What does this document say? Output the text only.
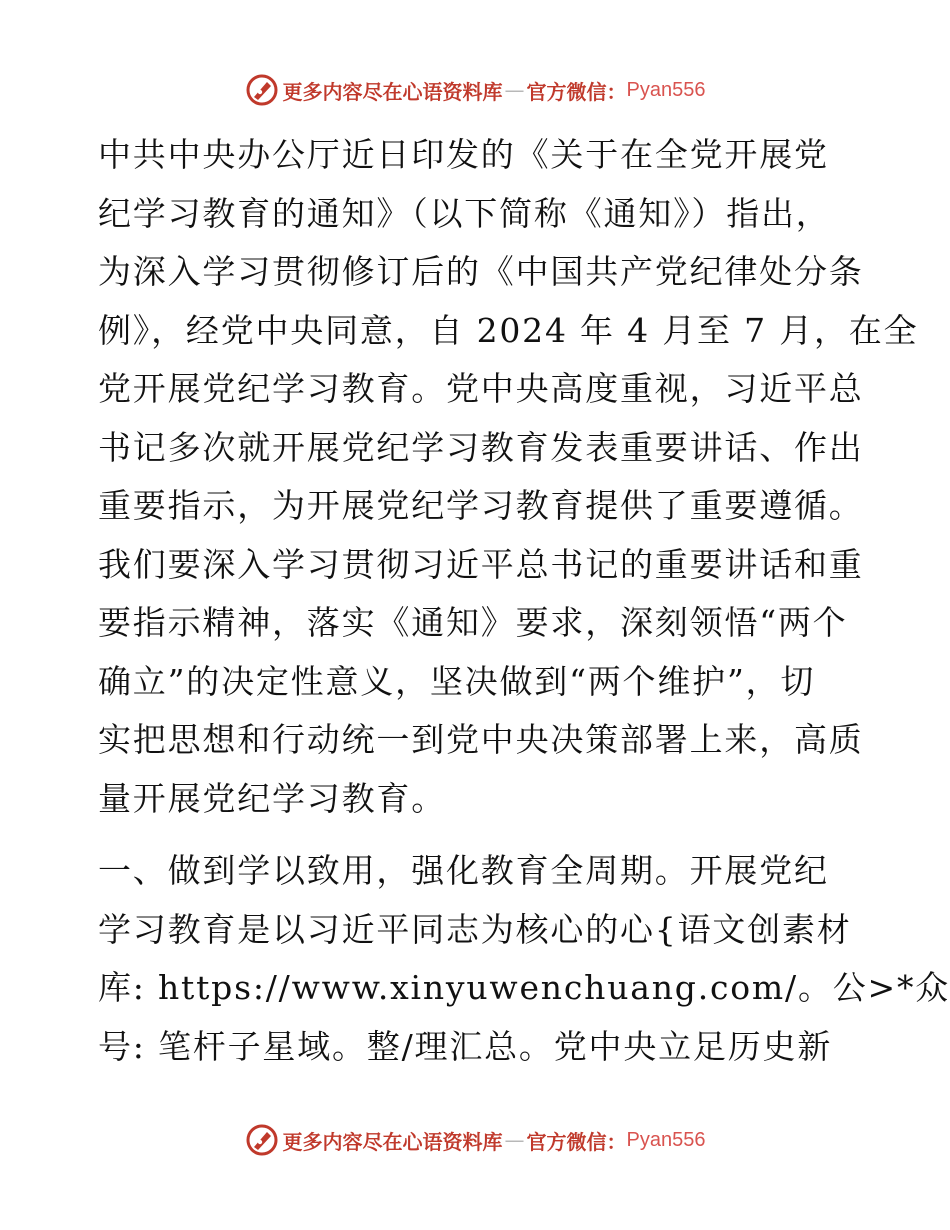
更多内容尽在心语资料库 — 官方微信： Pyan556
中共中央办公厅近日印发的《关于在全党开展党
纪学习教育的通知》（以下简称《通知》）指出，
为深入学习贯彻修订后的《中国共产党纪律处分条
例》，经党中央同意，自 2024 年 4 月至 7 月，在全
党开展党纪学习教育。党中央高度重视，习近平总
书记多次就开展党纪学习教育发表重要讲话、作出
重要指示，为开展党纪学习教育提供了重要遵循。
我们要深入学习贯彻习近平总书记的重要讲话和重
要指示精神，落实《通知》要求，深刻领悟“两个
确立”的决定性意义，坚决做到“两个维护”，切
实把思想和行动统一到党中央决策部署上来，高质
量开展党纪学习教育。
一、做到学以致用，强化教育全周期。开展党纪
学习教育是以习近平同志为核心的心{语文创素材
库: https://www.xinyuwenchuang.com/。公>*众
号: 笔杆子星域。整/理汇总。党中央立足历史新
更多内容尽在心语资料库 — 官方微信： Pyan556
